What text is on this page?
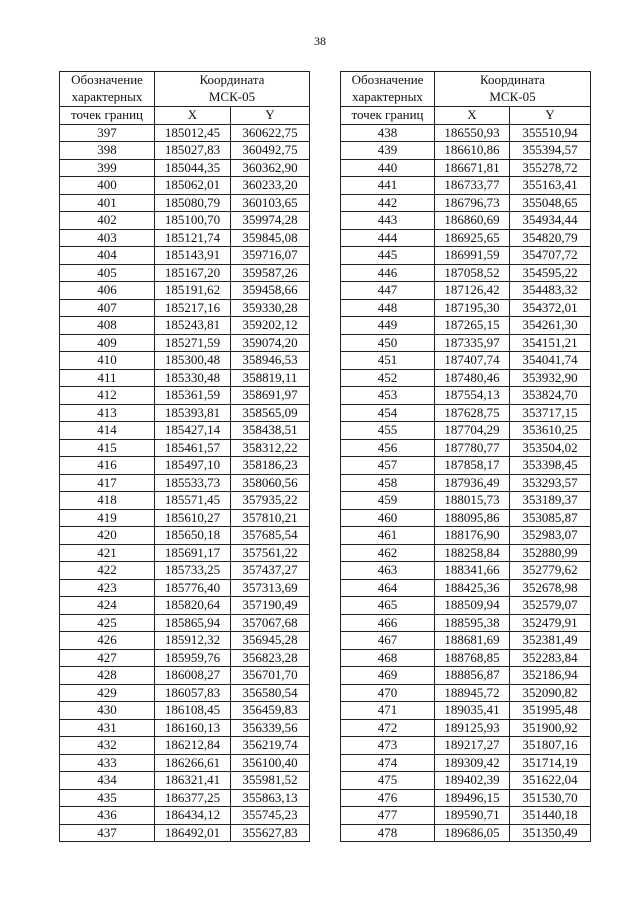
38
Обозначение
характерных	Координата
МСК-05	

точек границ	X	Y
397	185012,45	360622,75
398	185027,83	360492,75
399	185044,35	360362,90
400	185062,01	360233,20
401	185080,79	360103,65
402	185100,70	359974,28
403	185121,74	359845,08
404	185143,91	359716,07
405	185167,20	359587,26
406	185191,62	359458,66
407	185217,16	359330,28
408	185243,81	359202,12
409	185271,59	359074,20
410	185300,48	358946,53
411	185330,48	358819,11
412	185361,59	358691,97
413	185393,81	358565,09
414	185427,14	358438,51
415	185461,57	358312,22
416	185497,10	358186,23
417	185533,73	358060,56
418	185571,45	357935,22
419	185610,27	357810,21
420	185650,18	357685,54
421	185691,17	357561,22
422	185733,25	357437,27
423	185776,40	357313,69
424	185820,64	357190,49
425	185865,94	357067,68
426	185912,32	356945,28
427	185959,76	356823,28
428	186008,27	356701,70
429	186057,83	356580,54
430	186108,45	356459,83
431	186160,13	356339,56
432	186212,84	356219,74
433	186266,61	356100,40
434	186321,41	355981,52
435	186377,25	355863,13
436	186434,12	355745,23
437	186492,01	355627,83
Обозначение
характерных	Координата
МСК-05	

точек границ	X	Y
438	186550,93	355510,94
439	186610,86	355394,57
440	186671,81	355278,72
441	186733,77	355163,41
442	186796,73	355048,65
443	186860,69	354934,44
444	186925,65	354820,79
445	186991,59	354707,72
446	187058,52	354595,22
447	187126,42	354483,32
448	187195,30	354372,01
449	187265,15	354261,30
450	187335,97	354151,21
451	187407,74	354041,74
452	187480,46	353932,90
453	187554,13	353824,70
454	187628,75	353717,15
455	187704,29	353610,25
456	187780,77	353504,02
457	187858,17	353398,45
458	187936,49	353293,57
459	188015,73	353189,37
460	188095,86	353085,87
461	188176,90	352983,07
462	188258,84	352880,99
463	188341,66	352779,62
464	188425,36	352678,98
465	188509,94	352579,07
466	188595,38	352479,91
467	188681,69	352381,49
468	188768,85	352283,84
469	188856,87	352186,94
470	188945,72	352090,82
471	189035,41	351995,48
472	189125,93	351900,92
473	189217,27	351807,16
474	189309,42	351714,19
475	189402,39	351622,04
476	189496,15	351530,70
477	189590,71	351440,18
478	189686,05	351350,49
